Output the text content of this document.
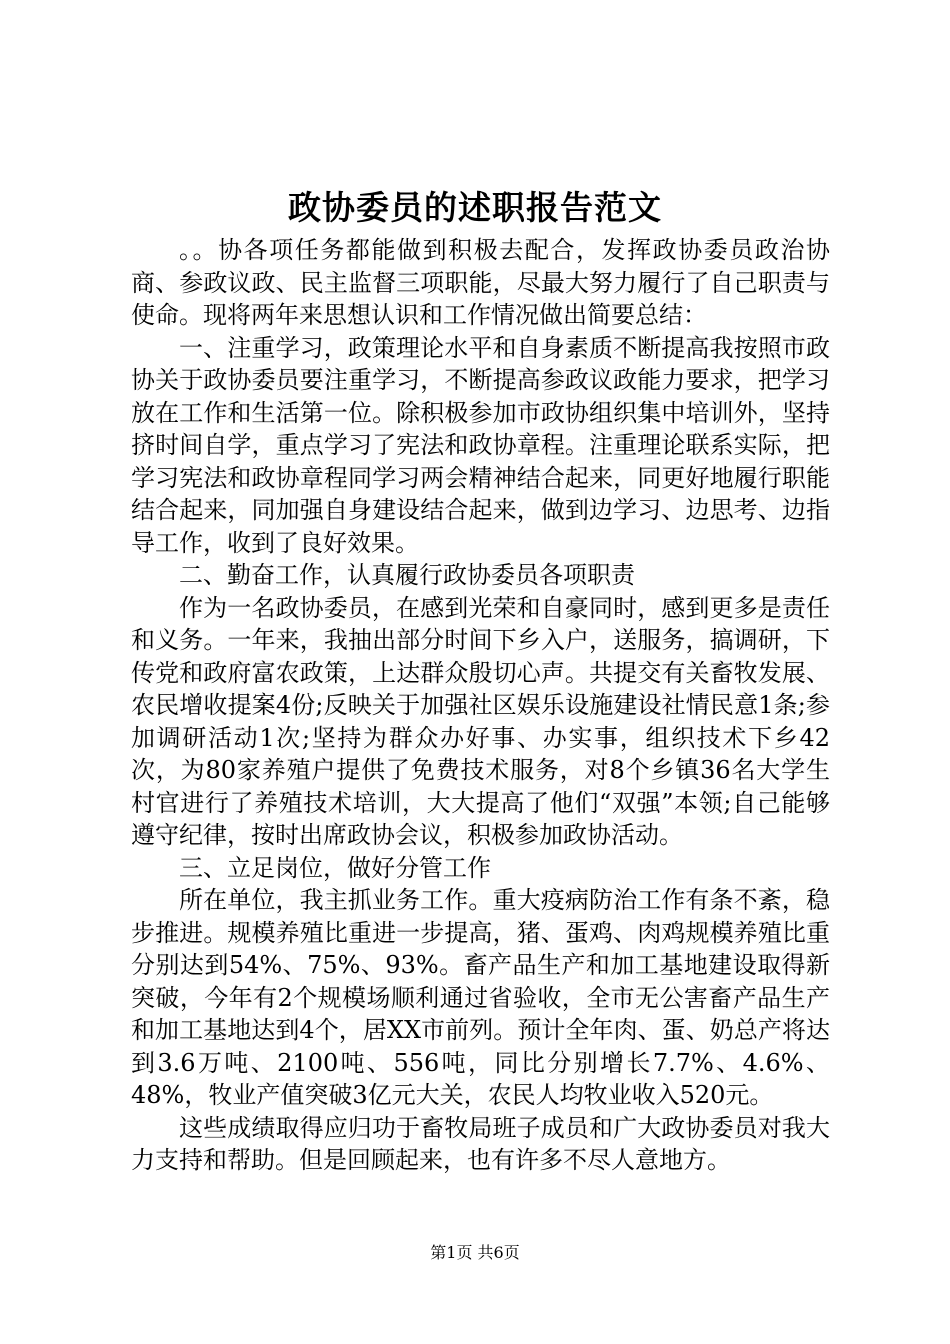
政协委员的述职报告范文

。。协各项任务都能做到积极去配合，发挥政协委员政治协商、参政议政、民主监督三项职能，尽最大努力履行了自己职责与使命。现将两年来思想认识和工作情况做出简要总结：

一、注重学习，政策理论水平和自身素质不断提高我按照市政协关于政协委员要注重学习，不断提高参政议政能力要求，把学习放在工作和生活第一位。除积极参加市政协组织集中培训外，坚持挤时间自学，重点学习了宪法和政协章程。注重理论联系实际，把学习宪法和政协章程同学习两会精神结合起来，同更好地履行职能结合起来，同加强自身建设结合起来，做到边学习、边思考、边指导工作，收到了良好效果。

二、勤奋工作，认真履行政协委员各项职责

作为一名政协委员，在感到光荣和自豪同时，感到更多是责任和义务。一年来，我抽出部分时间下乡入户，送服务，搞调研，下传党和政府富农政策，上达群众殷切心声。共提交有关畜牧发展、农民增收提案4份;反映关于加强社区娱乐设施建设社情民意1条;参加调研活动1次;坚持为群众办好事、办实事，组织技术下乡42次，为80家养殖户提供了免费技术服务，对8个乡镇36名大学生村官进行了养殖技术培训，大大提高了他们“双强”本领;自己能够遵守纪律，按时出席政协会议，积极参加政协活动。

三、立足岗位，做好分管工作

所在单位，我主抓业务工作。重大疫病防治工作有条不紊，稳步推进。规模养殖比重进一步提高，猪、蛋鸡、肉鸡规模养殖比重分别达到54%、75%、93%。畜产品生产和加工基地建设取得新突破，今年有2个规模场顺利通过省验收，全市无公害畜产品生产和加工基地达到4个，居XX市前列。预计全年肉、蛋、奶总产将达到3.6万吨、2100吨、556吨，同比分别增长7.7%、4.6%、48%，牧业产值突破3亿元大关，农民人均牧业收入520元。

这些成绩取得应归功于畜牧局班子成员和广大政协委员对我大力支持和帮助。但是回顾起来，也有许多不尽人意地方。

第1页 共6页
